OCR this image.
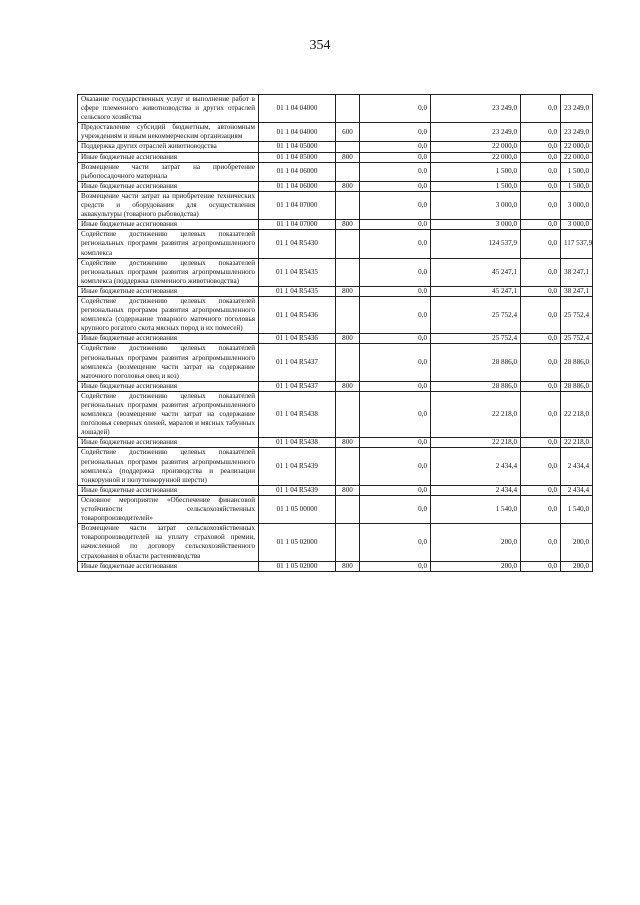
354
Оказание государственных услуг и выполнение работ в сфере племенного животноводства и других отраслей сельского хозяйства	01 1 04 04000		0,0	23 249,0	0,0	23 249,0
Предоставление субсидий бюджетным, автономным учреждениям и иным некоммерческим организациям	01 1 04 04000	600	0,0	23 249,0	0,0	23 249,0
Поддержка других отраслей животноводства	01 1 04 05000		0,0	22 000,0	0,0	22 000,0
Иные бюджетные ассигнования	01 1 04 05000	800	0,0	22 000,0	0,0	22 000,0
Возмещение части затрат на приобретение рыбопосадочного материала	01 1 04 06000		0,0	1 500,0	0,0	1 500,0
Иные бюджетные ассигнования	01 1 04 06000	800	0,0	1 500,0	0,0	1 500,0
Возмещение части затрат на приобретение технических средств и оборудования для осуществления аквакультуры (товарного рыбоводства)	01 1 04 07000		0,0	3 000,0	0,0	3 000,0
Иные бюджетные ассигнования	01 1 04 07000	800	0,0	3 000,0	0,0	3 000,0
Содействие достижению целевых показателей региональных программ развития агропромышленного комплекса	01 1 04 R5430		0,0	124 537,9	0,0	117 537,9
Содействие достижению целевых показателей региональных программ развития агропромышленного комплекса (поддержка племенного животноводства)	01 1 04 R5435		0,0	45 247,1	0,0	38 247,1
Иные бюджетные ассигнования	01 1 04 R5435	800	0,0	45 247,1	0,0	38 247,1
Содействие достижению целевых показателей региональных программ развития агропромышленного комплекса (содержание товарного маточного поголовья крупного рогатого скота мясных пород и их помесей)	01 1 04 R5436		0,0	25 752,4	0,0	25 752,4
Иные бюджетные ассигнования	01 1 04 R5436	800	0,0	25 752,4	0,0	25 752,4
Содействие достижению целевых показателей региональных программ развития агропромышленного комплекса (возмещение части затрат на содержание маточного поголовья овец и коз)	01 1 04 R5437		0,0	28 886,0	0,0	28 886,0
Иные бюджетные ассигнования	01 1 04 R5437	800	0,0	28 886,0	0,0	28 886,0
Содействие достижению целевых показателей региональных программ развития агропромышленного комплекса (возмещение части затрат на содержание поголовья северных оленей, маралов и мясных табунных лошадей)	01 1 04 R5438		0,0	22 218,0	0,0	22 218,0
Иные бюджетные ассигнования	01 1 04 R5438	800	0,0	22 218,0	0,0	22 218,0
Содействие достижению целевых показателей региональных программ развития агропромышленного комплекса (поддержка производства и реализации тонкорунной и полутонкорунной шерсти)	01 1 04 R5439		0,0	2 434,4	0,0	2 434,4
Иные бюджетные ассигнования	01 1 04 R5439	800	0,0	2 434,4	0,0	2 434,4
Основное мероприятие «Обеспечение финансовой устойчивости сельскохозяйственных товаропроизводителей»	01 1 05 00000		0,0	1 540,0	0,0	1 540,0
Возмещение части затрат сельскохозяйственных товаропроизводителей на уплату страховой премии, начисленной по договору сельскохозяйственного страхования в области растениеводства	01 1 05 02000		0,0	200,0	0,0	200,0
Иные бюджетные ассигнования	01 1 05 02000	800	0,0	200,0	0,0	200,0
